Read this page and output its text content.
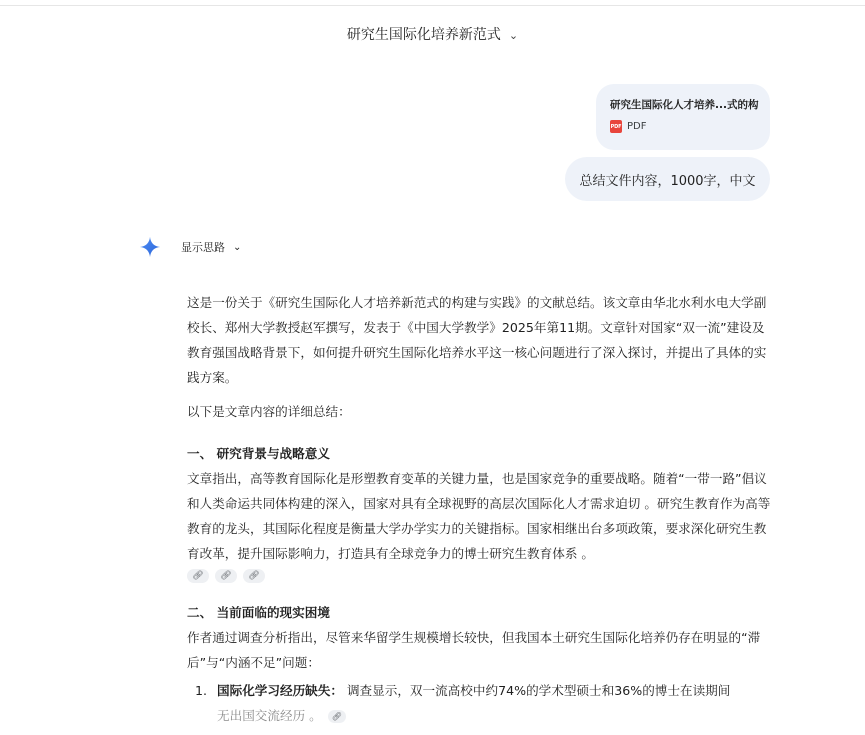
研究生国际化培养新范式 ⌄
研究生国际化人才培养...式的构
PDF PDF
总结文件内容，1000字，中文
显示思路 ⌄

这是一份关于《研究生国际化人才培养新范式的构建与实践》的文献总结。该文章由华北水利水电大学副校长、郑州大学教授赵军撰写，发表于《中国大学教学》2025年第11期。文章针对国家“双一流”建设及教育强国战略背景下，如何提升研究生国际化培养水平这一核心问题进行了深入探讨，并提出了具体的实践方案。

以下是文章内容的详细总结：

一、 研究背景与战略意义

文章指出，高等教育国际化是形塑教育变革的关键力量，也是国家竞争的重要战略。随着“一带一路”倡议和人类命运共同体构建的深入，国家对具有全球视野的高层次国际化人才需求迫切 。研究生教育作为高等教育的龙头，其国际化程度是衡量大学办学实力的关键指标。国家相继出台多项政策，要求深化研究生教育改革，提升国际影响力，打造具有全球竞争力的博士研究生教育体系 。

🔗︎	🔗︎	🔗︎
二、 当前面临的现实困境

作者通过调查分析指出，尽管来华留学生规模增长较快，但我国本土研究生国际化培养仍存在明显的“滞后”与“内涵不足”问题：

1. 国际化学习经历缺失： 调查显示，双一流高校中约74%的学术型硕士和36%的博士在读期间
无出国交流经历 。 🔗︎
